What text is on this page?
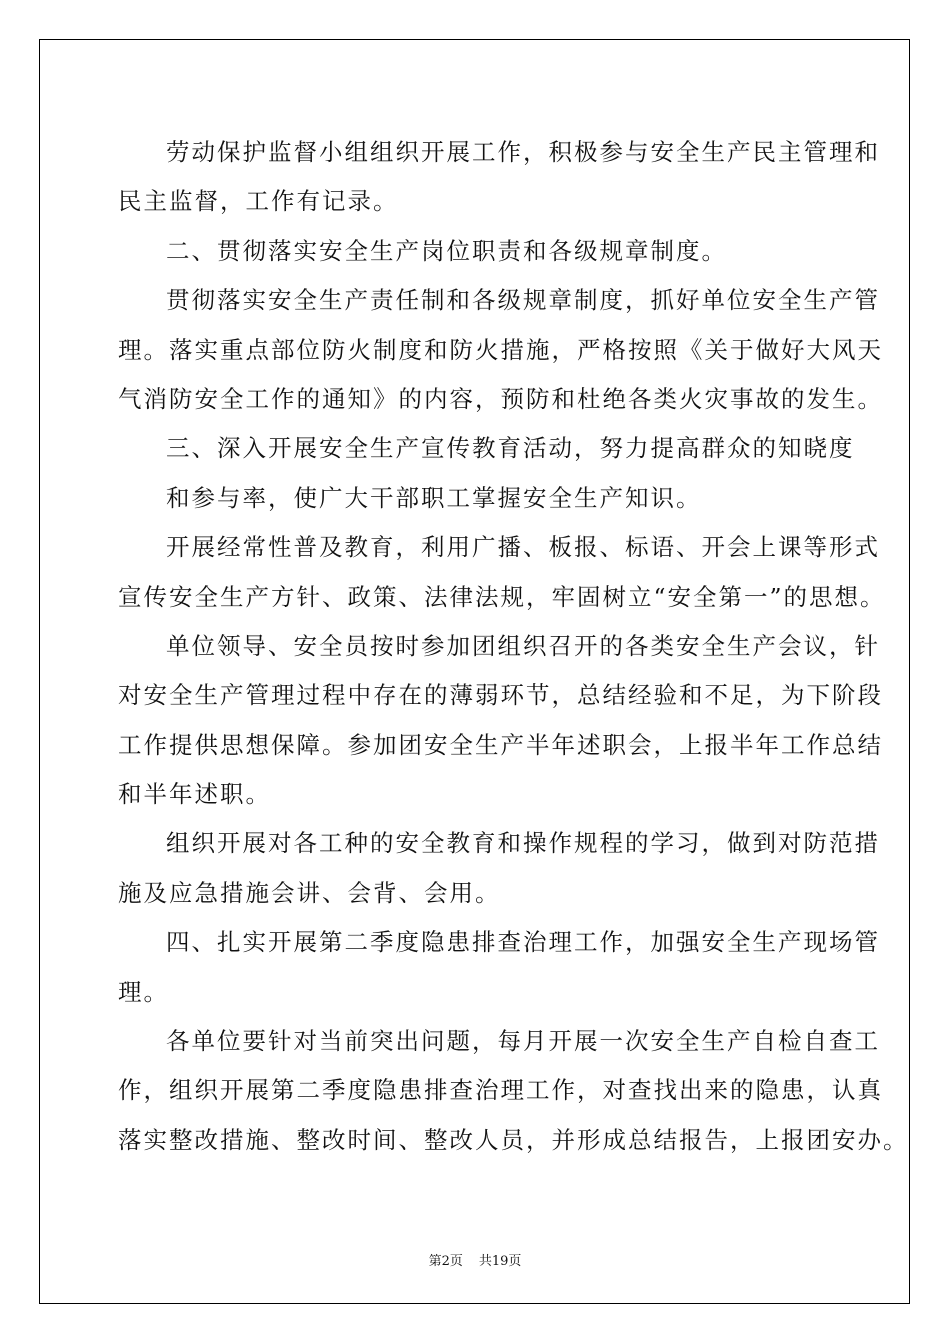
劳动保护监督小组组织开展工作，积极参与安全生产民主管理和
民主监督，工作有记录。
二、贯彻落实安全生产岗位职责和各级规章制度。
贯彻落实安全生产责任制和各级规章制度，抓好单位安全生产管
理。落实重点部位防火制度和防火措施，严格按照《关于做好大风天
气消防安全工作的通知》的内容，预防和杜绝各类火灾事故的发生。
三、深入开展安全生产宣传教育活动，努力提高群众的知晓度
和参与率，使广大干部职工掌握安全生产知识。
开展经常性普及教育，利用广播、板报、标语、开会上课等形式
宣传安全生产方针、政策、法律法规，牢固树立“安全第一”的思想。
单位领导、安全员按时参加团组织召开的各类安全生产会议，针
对安全生产管理过程中存在的薄弱环节，总结经验和不足，为下阶段
工作提供思想保障。参加团安全生产半年述职会，上报半年工作总结
和半年述职。
组织开展对各工种的安全教育和操作规程的学习，做到对防范措
施及应急措施会讲、会背、会用。
四、扎实开展第二季度隐患排查治理工作，加强安全生产现场管
理。
各单位要针对当前突出问题，每月开展一次安全生产自检自查工
作，组织开展第二季度隐患排查治理工作，对查找出来的隐患，认真
落实整改措施、整改时间、整改人员，并形成总结报告，上报团安办。
第2页 共19页
